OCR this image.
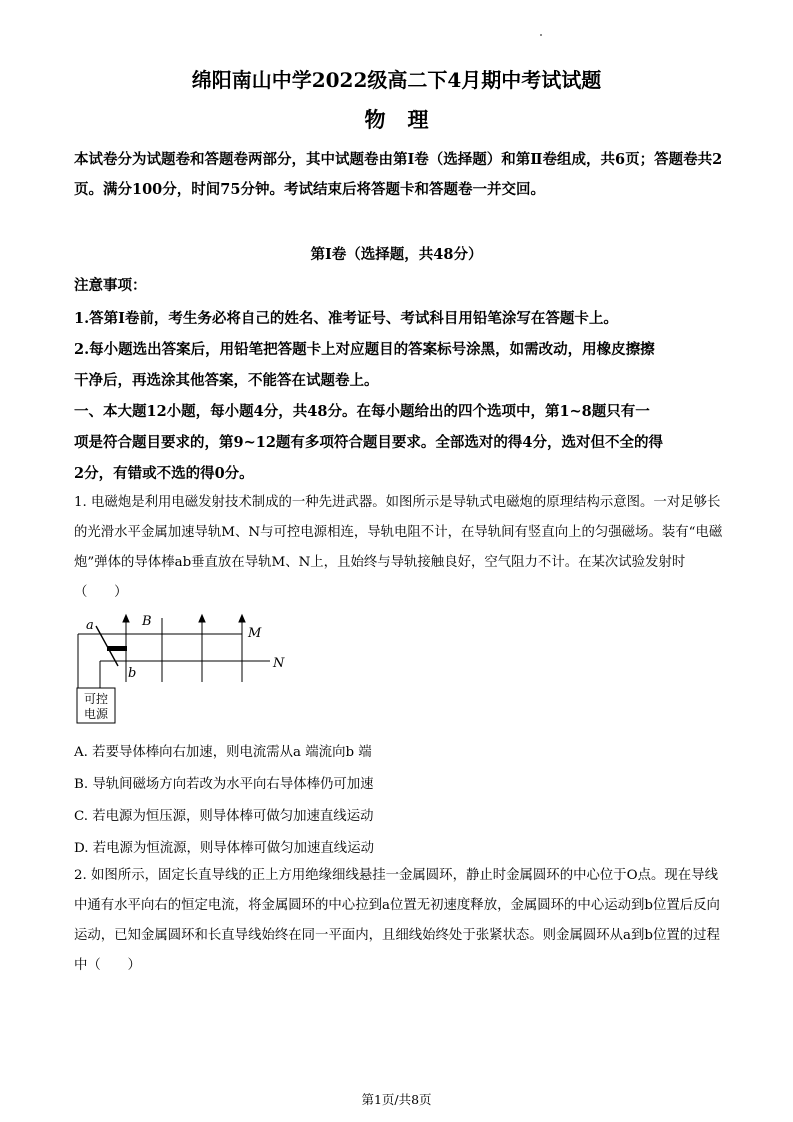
绵阳南山中学2022级高二下4月期中考试试题
物理

本试卷分为试题卷和答题卷两部分，其中试题卷由第Ⅰ卷（选择题）和第Ⅱ卷组成，共6页；答题卷共2页。满分100分，时间75分钟。考试结束后将答题卡和答题卷一并交回。

第Ⅰ卷（选择题，共48分）

注意事项：

1.答第Ⅰ卷前，考生务必将自己的姓名、准考证号、考试科目用铅笔涂写在答题卡上。

2.每小题选出答案后，用铅笔把答题卡上对应题目的答案标号涂黑，如需改动，用橡皮擦擦

干净后，再选涂其他答案，不能答在试题卷上。

一、本大题12小题，每小题4分，共48分。在每小题给出的四个选项中，第1~8题只有一

项是符合题目要求的，第9~12题有多项符合题目要求。全部选对的得4分，选对但不全的得

2分，有错或不选的得0分。

1. 电磁炮是利用电磁发射技术制成的一种先进武器。如图所示是导轨式电磁炮的原理结构示意图。一对足够长的光滑水平金属加速导轨M、N与可控电源相连，导轨电阻不计，在导轨间有竖直向上的匀强磁场。装有“电磁炮”弹体的导体棒ab垂直放在导轨M、N上，且始终与导轨接触良好，空气阻力不计。在某次试验发射时（　　）

可控
电源
a
b
B
M
N

A. 若要导体棒向右加速，则电流需从a 端流向b 端

B. 导轨间磁场方向若改为水平向右导体棒仍可加速

C. 若电源为恒压源，则导体棒可做匀加速直线运动

D. 若电源为恒流源，则导体棒可做匀加速直线运动

2. 如图所示，固定长直导线的正上方用绝缘细线悬挂一金属圆环，静止时金属圆环的中心位于O点。现在导线中通有水平向右的恒定电流，将金属圆环的中心拉到a位置无初速度释放，金属圆环的中心运动到b位置后反向运动，已知金属圆环和长直导线始终在同一平面内，且细线始终处于张紧状态。则金属圆环从a到b位置的过程中（　　）

第1页/共8页
